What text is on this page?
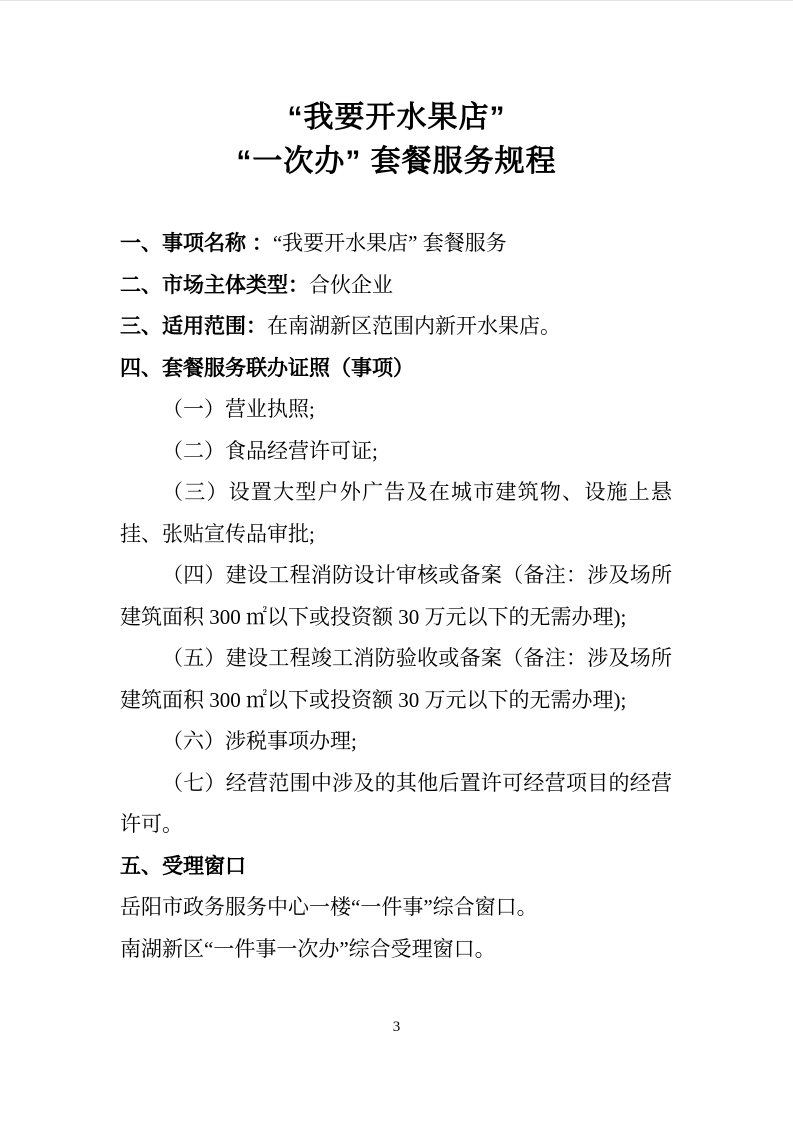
“我要开水果店”
“一次办” 套餐服务规程

一、事项名称 ：“我要开水果店” 套餐服务

二、市场主体类型：合伙企业

三、适用范围：在南湖新区范围内新开水果店。

四、套餐服务联办证照（事项）

（一）营业执照;

（二）食品经营许可证;

（三）设置大型户外广告及在城市建筑物、设施上悬挂、张贴宣传品审批;

（四）建设工程消防设计审核或备案（备注：涉及场所建筑面积 300 ㎡以下或投资额 30 万元以下的无需办理);

（五）建设工程竣工消防验收或备案（备注：涉及场所建筑面积 300 ㎡以下或投资额 30 万元以下的无需办理);

（六）涉税事项办理;

（七）经营范围中涉及的其他后置许可经营项目的经营许可。

五、受理窗口

岳阳市政务服务中心一楼“一件事”综合窗口。

南湖新区“一件事一次办”综合受理窗口。

3
